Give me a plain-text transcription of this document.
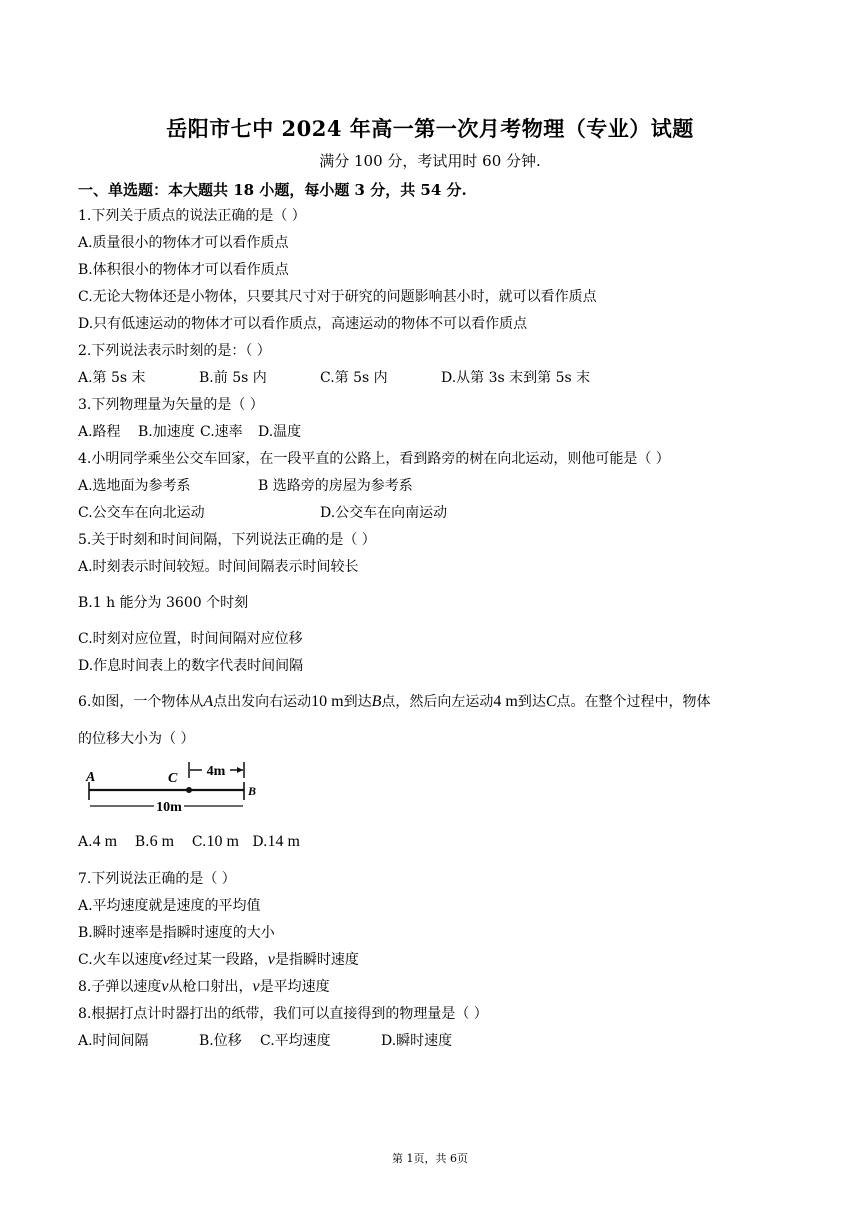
岳阳市七中 2024 年高一第一次月考物理（专业）试题
满分 100 分，考试用时 60 分钟.
一、单选题：本大题共 18 小题，每小题 3 分，共 54 分.
1.下列关于质点的说法正确的是（ ）
A.质量很小的物体才可以看作质点
B.体积很小的物体才可以看作质点
C.无论大物体还是小物体，只要其尺寸对于研究的问题影响甚小时，就可以看作质点
D.只有低速运动的物体才可以看作质点，高速运动的物体不可以看作质点
2.下列说法表示时刻的是：（ ）
A.第 5s 末	B.前 5s 内	C.第 5s 内	D.从第 3s 末到第 5s 末
3.下列物理量为矢量的是（ ）
A.路程 B.加速度 C.速率 D.温度
4.小明同学乘坐公交车回家，在一段平直的公路上，看到路旁的树在向北运动，则他可能是（ ）
A.选地面为参考系	B 选路旁的房屋为参考系
C.公交车在向北运动	D.公交车在向南运动
5.关于时刻和时间间隔，下列说法正确的是（ ）
A.时刻表示时间较短。时间间隔表示时间较长
B.1 h 能分为 3600 个时刻
C.时刻对应位置，时间间隔对应位移
D.作息时间表上的数字代表时间间隔
6.如图，一个物体从A点出发向右运动10 m到达B点，然后向左运动4 m到达C点。在整个过程中，物体
的位移大小为（ ）
4m
10m
A	C
B
A.4 m B.6 m C.10 m D.14 m
7.下列说法正确的是（ ）
A.平均速度就是速度的平均值
B.瞬时速率是指瞬时速度的大小
C.火车以速度v经过某一段路，v是指瞬时速度
8.子弹以速度v从枪口射出，v是平均速度
8.根据打点计时器打出的纸带，我们可以直接得到的物理量是（ ）
A.时间间隔	B.位移 C.平均速度	D.瞬时速度
第 1页，共 6页
